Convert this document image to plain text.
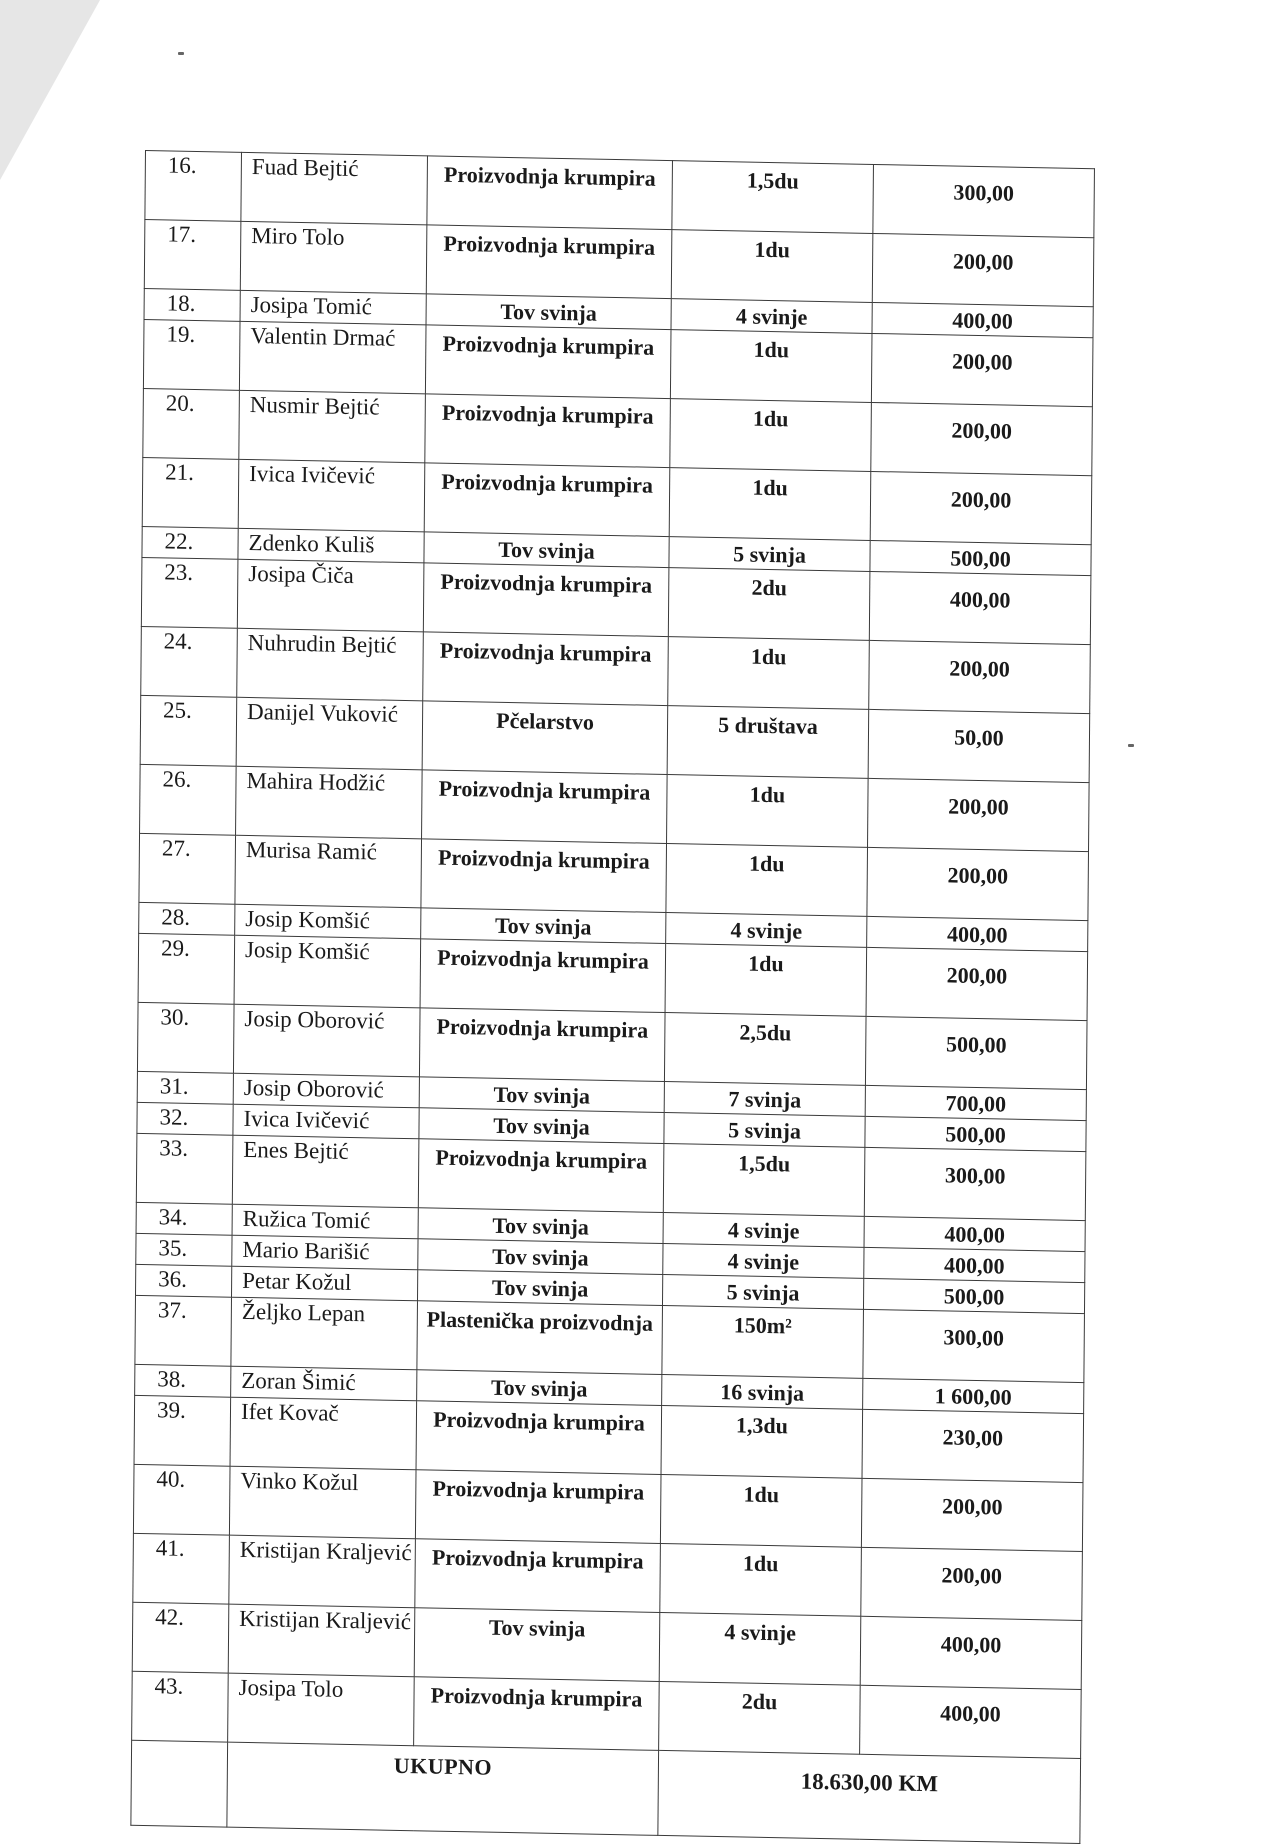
16.	Fuad Bejtić	Proizvodnja krumpira	1,5du	300,00
17.	Miro Tolo	Proizvodnja krumpira	1du	200,00
18.	Josipa Tomić	Tov svinja	4 svinje	400,00
19.	Valentin Drmać	Proizvodnja krumpira	1du	200,00
20.	Nusmir Bejtić	Proizvodnja krumpira	1du	200,00
21.	Ivica Ivičević	Proizvodnja krumpira	1du	200,00
22.	Zdenko Kuliš	Tov svinja	5 svinja	500,00
23.	Josipa Čiča	Proizvodnja krumpira	2du	400,00
24.	Nuhrudin Bejtić	Proizvodnja krumpira	1du	200,00
25.	Danijel Vuković	Pčelarstvo	5 društava	50,00
26.	Mahira Hodžić	Proizvodnja krumpira	1du	200,00
27.	Murisa Ramić	Proizvodnja krumpira	1du	200,00
28.	Josip Komšić	Tov svinja	4 svinje	400,00
29.	Josip Komšić	Proizvodnja krumpira	1du	200,00
30.	Josip Oborović	Proizvodnja krumpira	2,5du	500,00
31.	Josip Oborović	Tov svinja	7 svinja	700,00
32.	Ivica Ivičević	Tov svinja	5 svinja	500,00
33.	Enes Bejtić	Proizvodnja krumpira	1,5du	300,00
34.	Ružica Tomić	Tov svinja	4 svinje	400,00
35.	Mario Barišić	Tov svinja	4 svinje	400,00
36.	Petar Kožul	Tov svinja	5 svinja	500,00
37.	Željko Lepan	Plastenička proizvodnja	150m²	300,00
38.	Zoran Šimić	Tov svinja	16 svinja	1 600,00
39.	Ifet Kovač	Proizvodnja krumpira	1,3du	230,00
40.	Vinko Kožul	Proizvodnja krumpira	1du	200,00
41.	Kristijan Kraljević	Proizvodnja krumpira	1du	200,00
42.	Kristijan Kraljević	Tov svinja	4 svinje	400,00
43.	Josipa Tolo	Proizvodnja krumpira	2du	400,00
	UKUPNO		18.630,00 KM	
